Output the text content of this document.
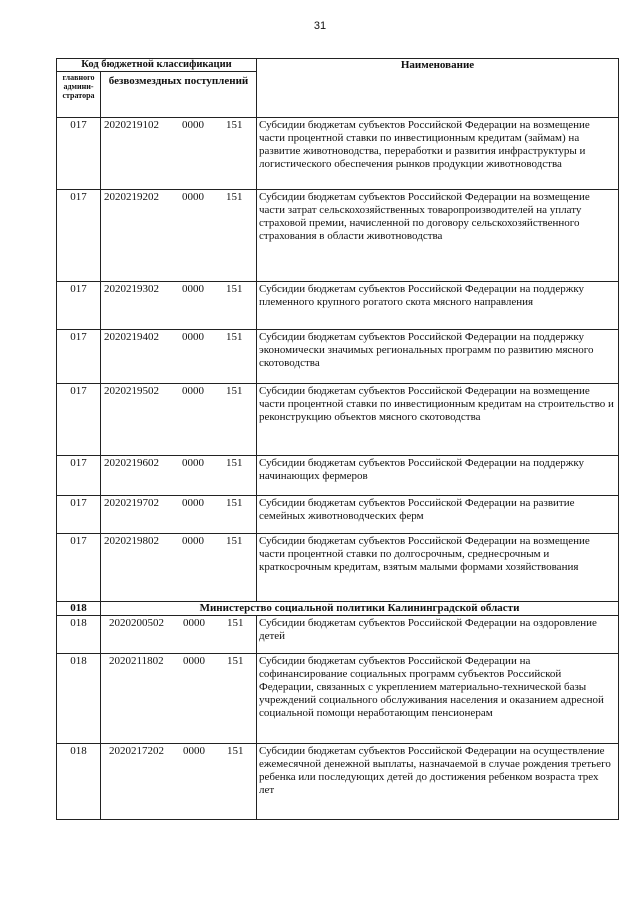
31
Код бюджетной классификации		Наименование
главного админи-стратора	безвозмездных поступлений	
017	2020219102 0000 151	Субсидии бюджетам субъектов Российской Федерации на возмещение части процентной ставки по инвестиционным кредитам (займам) на развитие животноводства, переработки и развития инфраструктуры и логистического обеспечения рынков продукции животноводства
017	2020219202 0000 151	Субсидии бюджетам субъектов Российской Федерации на возмещение части затрат сельскохозяйственных товаропроизводителей на уплату страховой премии, начисленной по договору сельскохозяйственного страхования в области животноводства
017	2020219302 0000 151	Субсидии бюджетам субъектов Российской Федерации на поддержку племенного крупного рогатого скота мясного направления
017	2020219402 0000 151	Субсидии бюджетам субъектов Российской Федерации на поддержку экономически значимых региональных программ по развитию мясного скотоводства
017	2020219502 0000 151	Субсидии бюджетам субъектов Российской Федерации на возмещение части процентной ставки по инвестиционным кредитам на строительство и реконструкцию объектов мясного скотоводства
017	2020219602 0000 151	Субсидии бюджетам субъектов Российской Федерации на поддержку начинающих фермеров
017	2020219702 0000 151	Субсидии бюджетам субъектов Российской Федерации на развитие семейных животноводческих ферм
017	2020219802 0000 151	Субсидии бюджетам субъектов Российской Федерации на возмещение части процентной ставки по долгосрочным, среднесрочным и краткосрочным кредитам, взятым малыми формами хозяйствования
018	Министерство социальной политики Калининградской области	
018	2020200502 0000 151	Субсидии бюджетам субъектов Российской Федерации на оздоровление детей
018	2020211802 0000 151	Субсидии бюджетам субъектов Российской Федерации на софинансирование социальных программ субъектов Российской Федерации, связанных с укреплением материально-технической базы учреждений социального обслуживания населения и оказанием адресной социальной помощи неработающим пенсионерам
018	2020217202 0000 151	Субсидии бюджетам субъектов Российской Федерации на осуществление ежемесячной денежной выплаты, назначаемой в случае рождения третьего ребенка или последующих детей до достижения ребенком возраста трех лет
